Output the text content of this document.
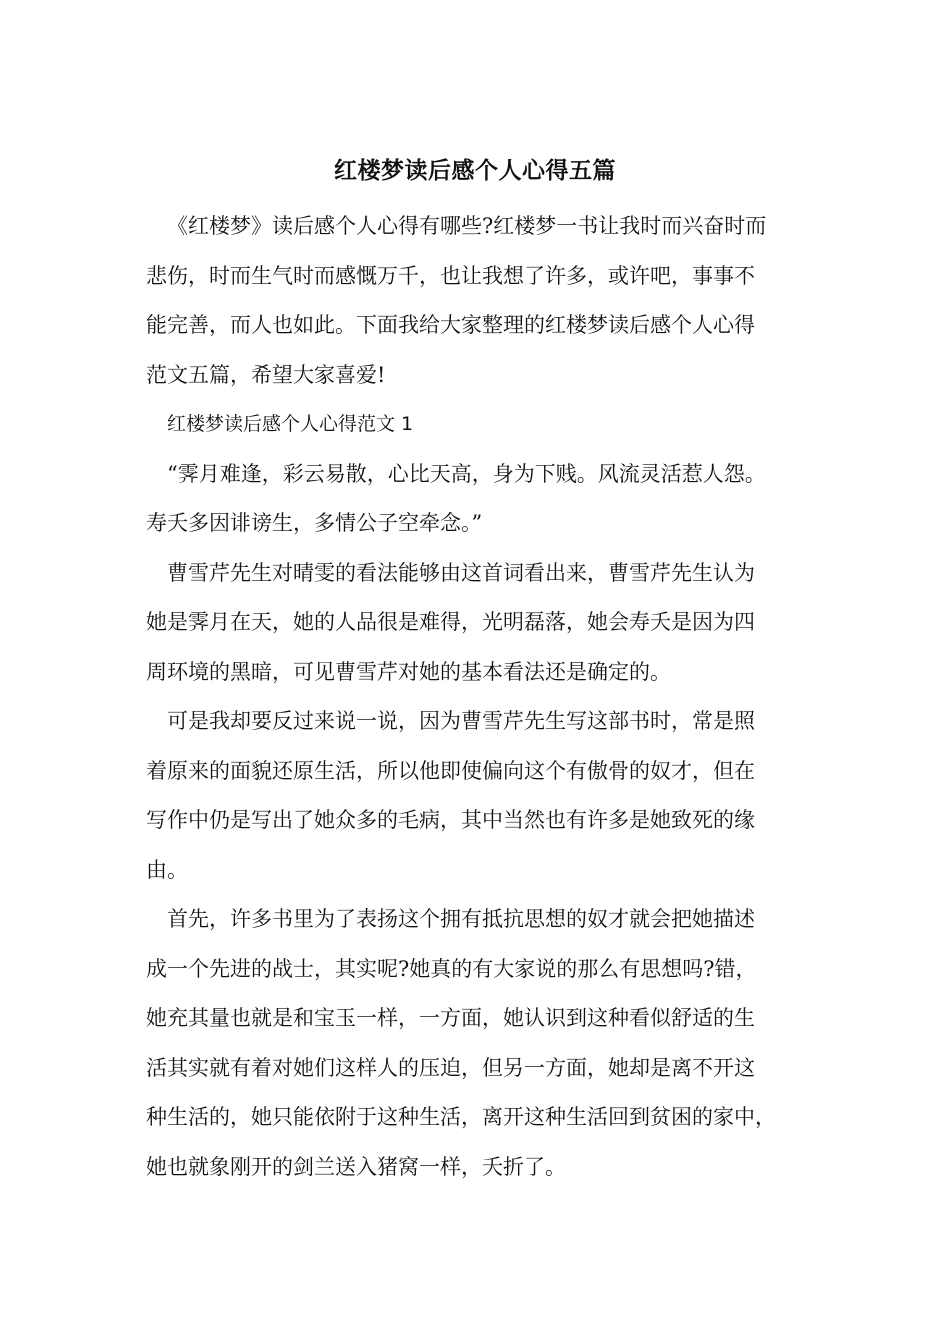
红楼梦读后感个人心得五篇

《红楼梦》读后感个人心得有哪些?红楼梦一书让我时而兴奋时而
悲伤，时而生气时而感慨万千，也让我想了许多，或许吧，事事不
能完善，而人也如此。下面我给大家整理的红楼梦读后感个人心得
范文五篇，希望大家喜爱!

红楼梦读后感个人心得范文 1

“霁月难逢，彩云易散，心比天高，身为下贱。风流灵活惹人怨。
寿夭多因诽谤生，多情公子空牵念。”

曹雪芹先生对晴雯的看法能够由这首词看出来，曹雪芹先生认为
她是霁月在天，她的人品很是难得，光明磊落，她会寿夭是因为四
周环境的黑暗，可见曹雪芹对她的基本看法还是确定的。

可是我却要反过来说一说，因为曹雪芹先生写这部书时，常是照
着原来的面貌还原生活，所以他即使偏向这个有傲骨的奴才，但在
写作中仍是写出了她众多的毛病，其中当然也有许多是她致死的缘
由。

首先，许多书里为了表扬这个拥有抵抗思想的奴才就会把她描述
成一个先进的战士，其实呢?她真的有大家说的那么有思想吗?错，
她充其量也就是和宝玉一样，一方面，她认识到这种看似舒适的生
活其实就有着对她们这样人的压迫，但另一方面，她却是离不开这
种生活的，她只能依附于这种生活，离开这种生活回到贫困的家中，
她也就象刚开的剑兰送入猪窝一样，夭折了。
